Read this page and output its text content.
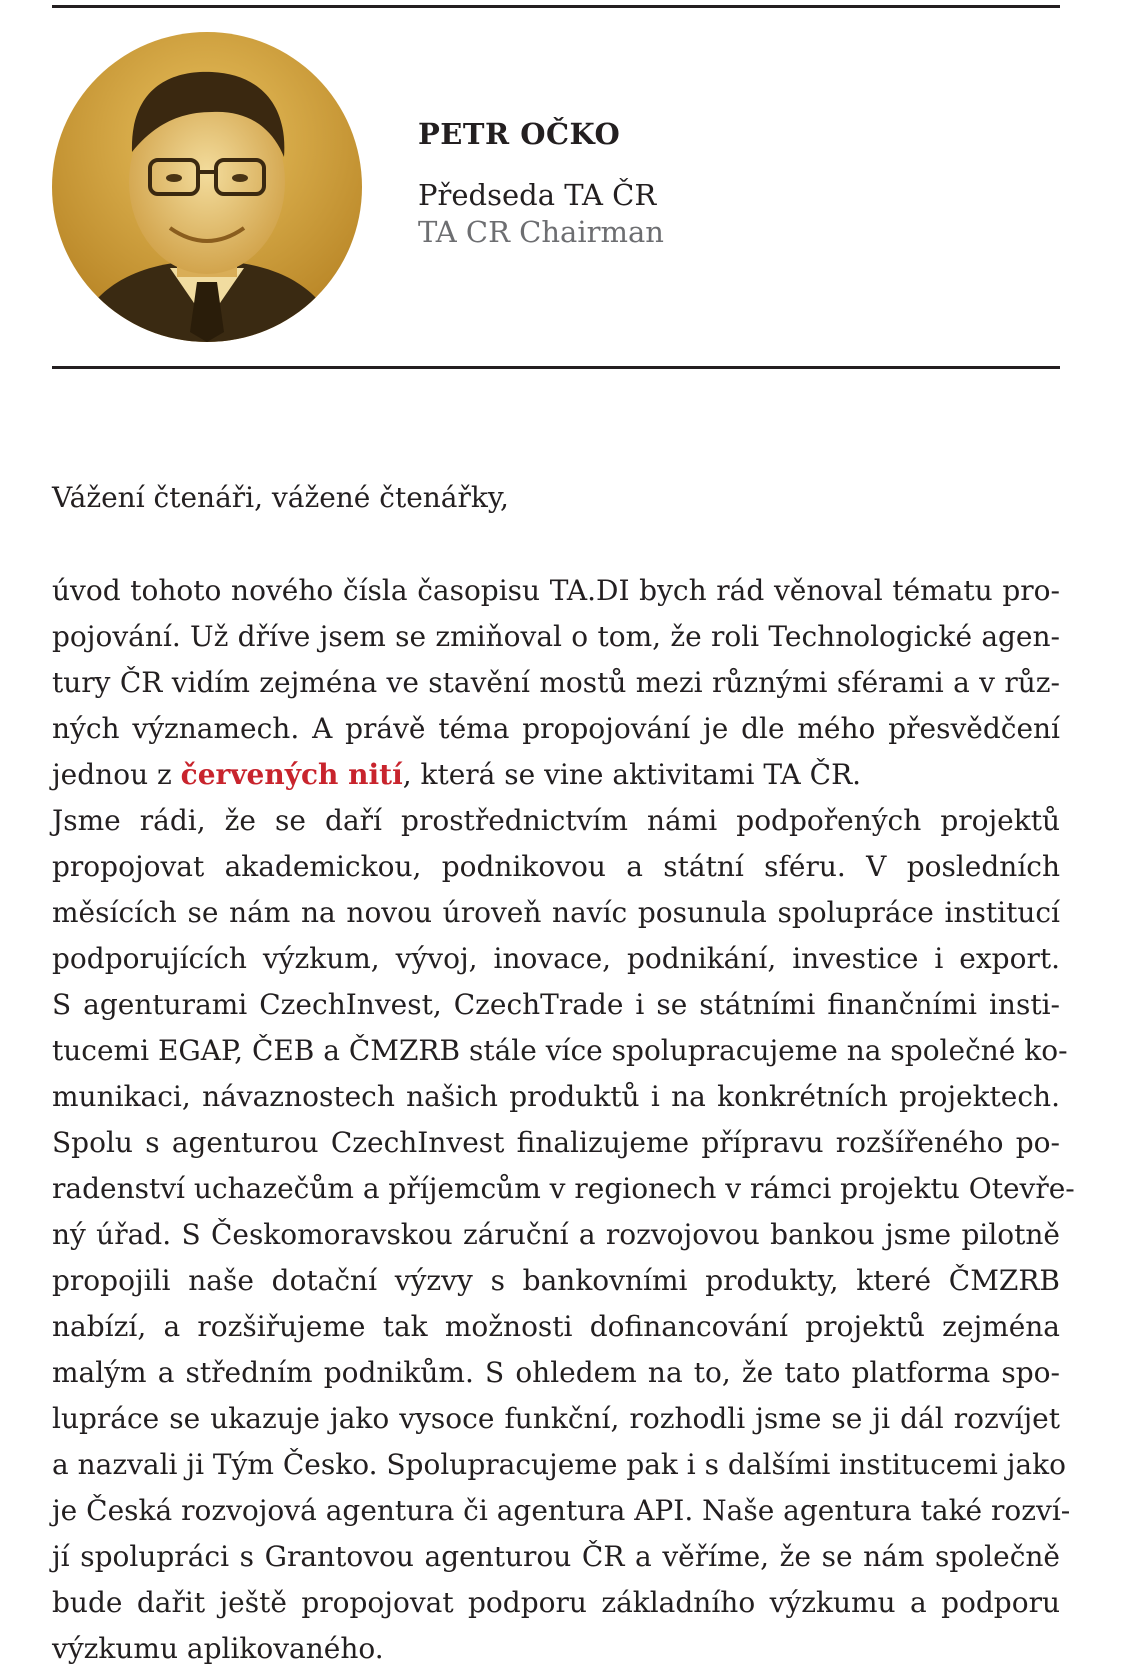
PETR OČKO
Předseda TA ČR
TA CR Chairman

Vážení čtenáři, vážené čtenářky,

úvod tohoto nového čísla časopisu TA.DI bych rád věnoval tématu pro-
pojování. Už dříve jsem se zmiňoval o tom, že roli Technologické agen-
tury ČR vidím zejména ve stavění mostů mezi různými sférami a v růz-
ných významech. A právě téma propojování je dle mého přesvědčení
jednou z červených nití, která se vine aktivitami TA ČR.
Jsme rádi, že se daří prostřednictvím námi podpořených projektů
propojovat akademickou, podnikovou a státní sféru. V posledních
měsících se nám na novou úroveň navíc posunula spolupráce institucí
podporujících výzkum, vývoj, inovace, podnikání, investice i export.
S agenturami CzechInvest, CzechTrade i se státními finančními insti-
tucemi EGAP, ČEB a ČMZRB stále více spolupracujeme na společné ko-
munikaci, návaznostech našich produktů i na konkrétních projektech.
Spolu s agenturou CzechInvest finalizujeme přípravu rozšířeného po-
radenství uchazečům a příjemcům v regionech v rámci projektu Otevře-
ný úřad. S Českomoravskou záruční a rozvojovou bankou jsme pilotně
propojili naše dotační výzvy s bankovními produkty, které ČMZRB
nabízí, a rozšiřujeme tak možnosti dofinancování projektů zejména
malým a středním podnikům. S ohledem na to, že tato platforma spo-
lupráce se ukazuje jako vysoce funkční, rozhodli jsme se ji dál rozvíjet
a nazvali ji Tým Česko. Spolupracujeme pak i s dalšími institucemi jako
je Česká rozvojová agentura či agentura API. Naše agentura také rozví-
jí spolupráci s Grantovou agenturou ČR a věříme, že se nám společně
bude dařit ještě propojovat podporu základního výzkumu a podporu
výzkumu aplikovaného.
